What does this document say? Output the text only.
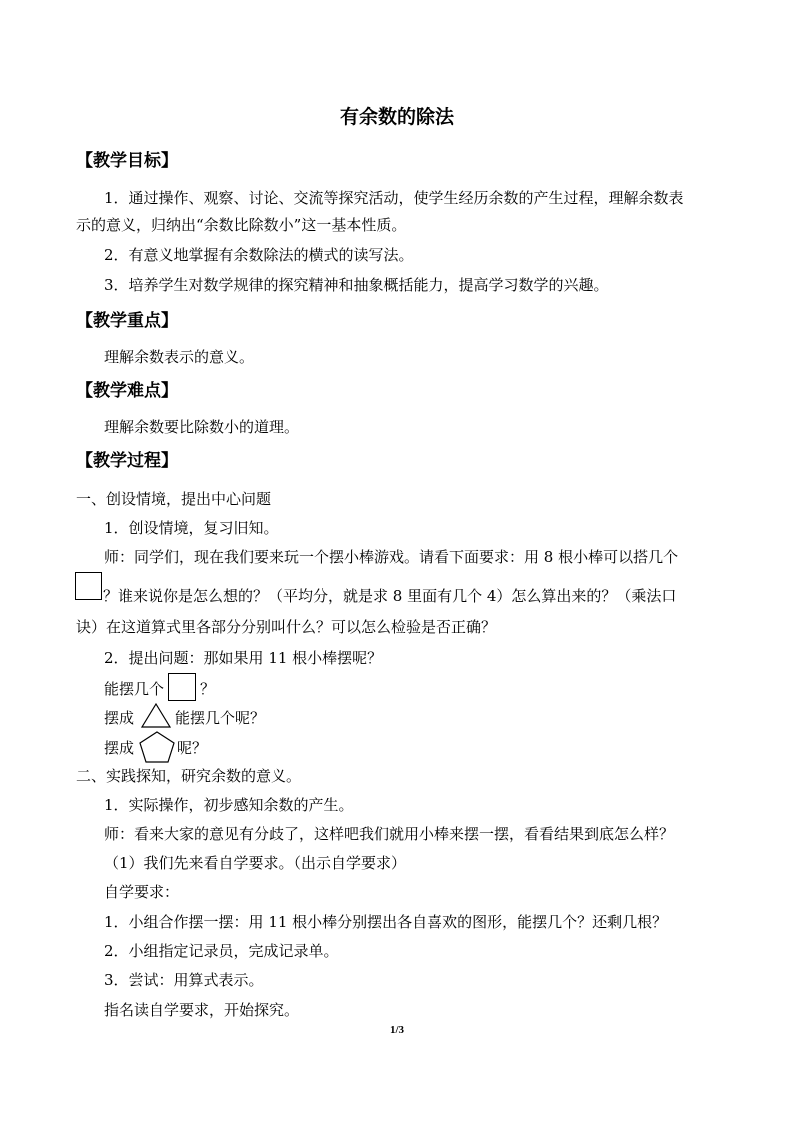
有余数的除法
【教学目标】
1．通过操作、观察、讨论、交流等探究活动，使学生经历余数的产生过程，理解余数表
示的意义，归纳出“余数比除数小”这一基本性质。
2．有意义地掌握有余数除法的横式的读写法。
3．培养学生对数学规律的探究精神和抽象概括能力，提高学习数学的兴趣。
【教学重点】
理解余数表示的意义。
【教学难点】
理解余数要比除数小的道理。
【教学过程】
一、创设情境，提出中心问题
1．创设情境，复习旧知。
师：同学们，现在我们要来玩一个摆小棒游戏。请看下面要求：用 8 根小棒可以搭几个
？谁来说你是怎么想的？（平均分，就是求 8 里面有几个 4）怎么算出来的？（乘法口
诀）在这道算式里各部分分别叫什么？可以怎么检验是否正确？
2．提出问题：那如果用 11 根小棒摆呢？
能摆几个 ？
摆成	能摆几个呢？
摆成	呢？
二、实践探知，研究余数的意义。
1．实际操作，初步感知余数的产生。
师：看来大家的意见有分歧了，这样吧我们就用小棒来摆一摆，看看结果到底怎么样？
（1）我们先来看自学要求。（出示自学要求）
自学要求：
1．小组合作摆一摆：用 11 根小棒分别摆出各自喜欢的图形，能摆几个？还剩几根？
2．小组指定记录员，完成记录单。
3．尝试：用算式表示。
指名读自学要求，开始探究。
1/3
